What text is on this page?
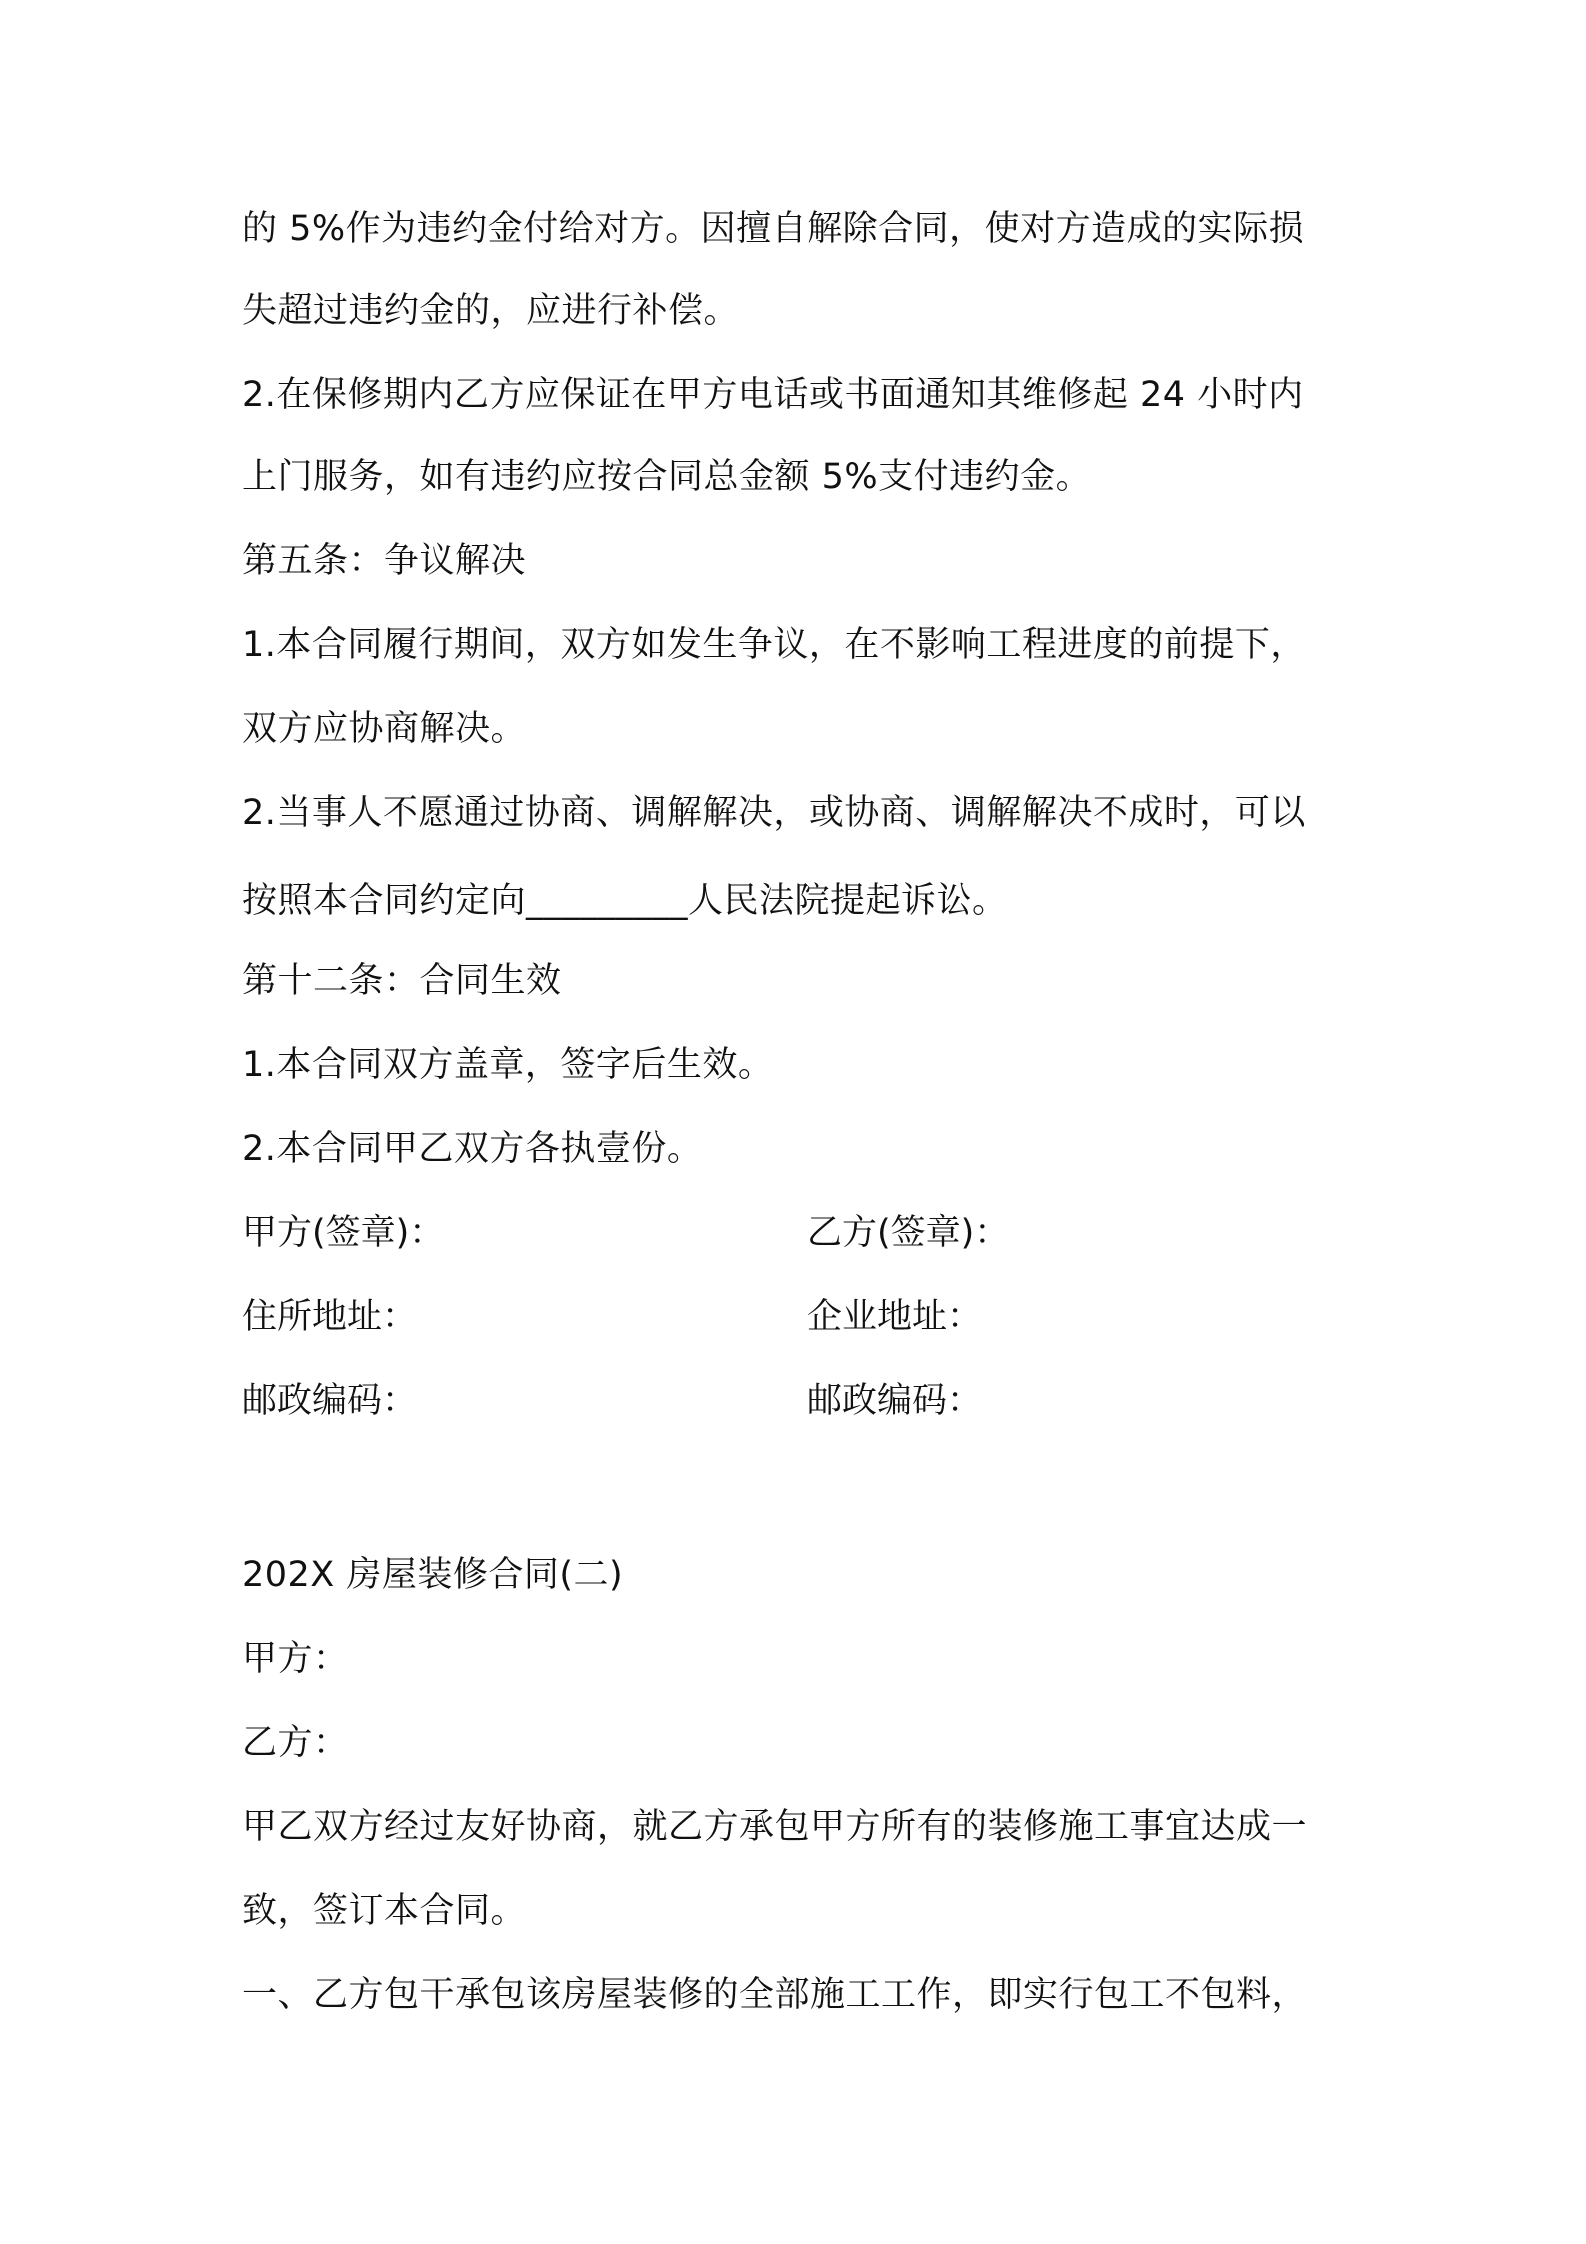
的 5%作为违约金付给对方。因擅自解除合同，使对方造成的实际损
失超过违约金的，应进行补偿。
2.在保修期内乙方应保证在甲方电话或书面通知其维修起 24 小时内
上门服务，如有违约应按合同总金额 5%支付违约金。
第五条：争议解决
1.本合同履行期间，双方如发生争议，在不影响工程进度的前提下，
双方应协商解决。
2.当事人不愿通过协商、调解解决，或协商、调解解决不成时，可以
按照本合同约定向_________人民法院提起诉讼。
第十二条：合同生效
1.本合同双方盖章，签字后生效。
2.本合同甲乙双方各执壹份。
甲方(签章)：	乙方(签章)：
住所地址：	企业地址：
邮政编码：	邮政编码：
202X 房屋装修合同(二)
甲方：
乙方：
甲乙双方经过友好协商，就乙方承包甲方所有的装修施工事宜达成一
致，签订本合同。
一、乙方包干承包该房屋装修的全部施工工作，即实行包工不包料，
